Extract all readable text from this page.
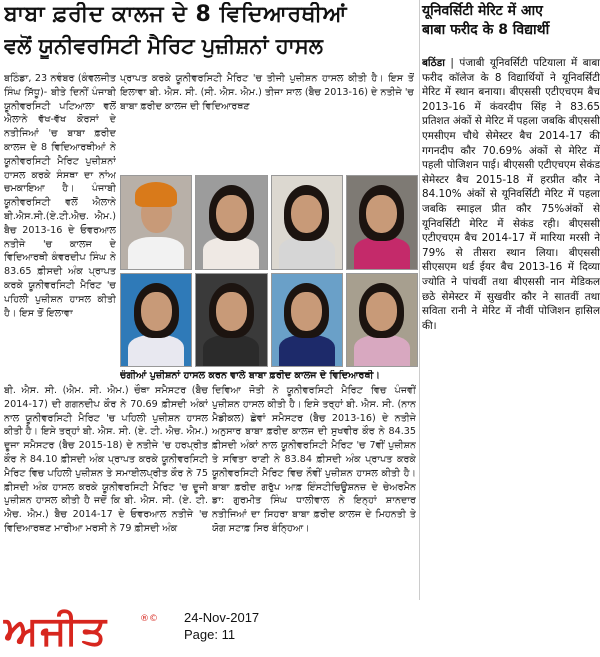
ਬਾਬਾ ਫ਼ਰੀਦ ਕਾਲਜ ਦੇ 8 ਵਿਦਿਆਰਥੀਆਂ
ਵਲੋਂ ਯੂਨੀਵਰਸਿਟੀ ਮੈਰਿਟ ਪੁਜ਼ੀਸ਼ਨਾਂ ਹਾਸਲ
ਬਠਿੰਡਾ, 23 ਨਵੰਬਰ (ਕੰਵਲਜੀਤ ਸਿੰਘ ਸਿੱਧੂ)- ਬੀਤੇ ਦਿਨੀਂ ਪੰਜਾਬੀ ਯੂਨੀਵਰਸਿਟੀ ਪਟਿਆਲਾ ਵਲੋਂ ਐਲਾਨੇ ਵੱਖ-ਵੱਖ ਕੋਰਸਾਂ ਦੇ ਨਤੀਜਿਆਂ 'ਚ ਬਾਬਾ ਫ਼ਰੀਦ ਕਾਲਜ ਦੇ 8 ਵਿਦਿਆਰਥੀਆਂ ਨੇ ਯੂਨੀਵਰਸਿਟੀ ਮੈਰਿਟ ਪੁਜ਼ੀਸ਼ਨਾਂ ਹਾਸਲ ਕਰਕੇ ਸੰਸਥਾ ਦਾ ਨਾਂਅ ਚਮਕਾਇਆ ਹੈ। ਪੰਜਾਬੀ ਯੂਨੀਵਰਸਿਟੀ ਵਲੋਂ ਐਲਾਨੇ ਬੀ.ਐਸ.ਸੀ.(ਏ.ਟੀ.ਐਚ. ਐਮ.) ਬੈਚ 2013-16 ਦੇ ਓਵਰਆਲ ਨਤੀਜੇ 'ਚ ਕਾਲਜ ਦੇ ਵਿਦਿਆਰਥੀ ਕੰਵਰਦੀਪ ਸਿੰਘ ਨੇ 83.65 ਫ਼ੀਸਦੀ ਅੰਕ ਪ੍ਰਾਪਤ ਕਰਕੇ ਯੂਨੀਵਰਸਿਟੀ ਮੈਰਿਟ 'ਚ ਪਹਿਲੀ ਪੁਜ਼ੀਸ਼ਨ ਹਾਸਲ ਕੀਤੀ ਹੈ। ਇਸ ਤੋਂ ਇਲਾਵਾ
ਪ੍ਰਾਪਤ ਕਰਕੇ ਯੂਨੀਵਰਸਿਟੀ ਮੈਰਿਟ 'ਚ ਤੀਜੀ ਪੁਜ਼ੀਸ਼ਨ ਹਾਸਲ ਕੀਤੀ ਹੈ। ਇਸ ਤੋਂ ਇਲਾਵਾ ਬੀ. ਐਸ. ਸੀ. (ਸੀ. ਐਸ. ਐਮ.) ਤੀਜਾ ਸਾਲ (ਬੈਚ 2013-16) ਦੇ ਨਤੀਜੇ 'ਚ ਬਾਬਾ ਫ਼ਰੀਦ ਕਾਲਜ ਦੀ ਵਿਦਿਆਰਥਣ
ਚੰਗੀਆਂ ਪੁਜ਼ੀਸ਼ਨਾਂ ਹਾਸਲ ਕਰਨ ਵਾਲੇ ਬਾਬਾ ਫ਼ਰੀਦ ਕਾਲਜ ਦੇ ਵਿਦਿਆਰਥੀ।
ਬੀ. ਐਸ. ਸੀ. (ਐਮ. ਸੀ. ਐਮ.) ਚੌਥਾ ਸਮੈਸਟਰ (ਬੈਚ 2014-17) ਦੀ ਗਗਨਦੀਪ ਕੌਰ ਨੇ 70.69 ਫ਼ੀਸਦੀ ਅੰਕਾਂ ਨਾਲ ਯੂਨੀਵਰਸਿਟੀ ਮੈਰਿਟ 'ਚ ਪਹਿਲੀ ਪੁਜ਼ੀਸ਼ਨ ਹਾਸਲ ਕੀਤੀ ਹੈ। ਇਸੇ ਤਰ੍ਹਾਂ ਬੀ. ਐਸ. ਸੀ. (ਏ. ਟੀ. ਐਚ. ਐਮ.) ਦੂਜਾ ਸਮੈਸਟਰ (ਬੈਚ 2015-18) ਦੇ ਨਤੀਜੇ 'ਚ ਹਰਪ੍ਰੀਤ ਕੌਰ ਨੇ 84.10 ਫ਼ੀਸਦੀ ਅੰਕ ਪ੍ਰਾਪਤ ਕਰਕੇ ਯੂਨੀਵਰਸਿਟੀ ਮੈਰਿਟ ਵਿਚ ਪਹਿਲੀ ਪੁਜ਼ੀਸ਼ਨ ਤੇ ਸਮਾਈਲਪ੍ਰੀਤ ਕੌਰ ਨੇ 75 ਫ਼ੀਸਦੀ ਅੰਕ ਹਾਸਲ ਕਰਕੇ ਯੂਨੀਵਰਸਿਟੀ ਮੈਰਿਟ 'ਚ ਦੂਜੀ ਪੁਜ਼ੀਸ਼ਨ ਹਾਸਲ ਕੀਤੀ ਹੈ ਜਦੋਂ ਕਿ ਬੀ. ਐਸ. ਸੀ. (ਏ. ਟੀ. ਐਚ. ਐਮ.) ਬੈਚ 2014-17 ਦੇ ਓਵਰਆਲ ਨਤੀਜੇ 'ਚ ਵਿਦਿਆਰਥਣ ਮਾਰੀਆ ਮਰਸੀ ਨੇ 79 ਫ਼ੀਸਦੀ ਅੰਕ
ਦਿਵਿਆ ਜੋਤੀ ਨੇ ਯੂਨੀਵਰਸਿਟੀ ਮੈਰਿਟ ਵਿਚ ਪੰਜਵੀਂ ਪੁਜ਼ੀਸ਼ਨ ਹਾਸਲ ਕੀਤੀ ਹੈ। ਇਸੇ ਤਰ੍ਹਾਂ ਬੀ. ਐਸ. ਸੀ. (ਨਾਨ ਮੈਡੀਕਲ) ਛੇਵਾਂ ਸਮੈਸਟਰ (ਬੈਚ 2013-16) ਦੇ ਨਤੀਜੇ ਅਨੁਸਾਰ ਬਾਬਾ ਫ਼ਰੀਦ ਕਾਲਜ ਦੀ ਸੁਖਵੀਰ ਕੌਰ ਨੇ 84.35 ਫ਼ੀਸਦੀ ਅੰਕਾਂ ਨਾਲ ਯੂਨੀਵਰਸਿਟੀ ਮੈਰਿਟ 'ਚ 7ਵੀਂ ਪੁਜ਼ੀਸ਼ਨ ਤੇ ਸਵਿਤਾ ਰਾਣੀ ਨੇ 83.84 ਫ਼ੀਸਦੀ ਅੰਕ ਪ੍ਰਾਪਤ ਕਰਕੇ ਯੂਨੀਵਰਸਿਟੀ ਮੈਰਿਟ ਵਿਚ ਨੌਵੀਂ ਪੁਜ਼ੀਸ਼ਨ ਹਾਸਲ ਕੀਤੀ ਹੈ। ਬਾਬਾ ਫ਼ਰੀਦ ਗਰੁੱਪ ਆਫ਼ ਇੰਸਟੀਚਿਊਸ਼ਨਜ਼ ਦੇ ਚੇਅਰਮੈਨ ਡਾ: ਗੁਰਮੀਤ ਸਿੰਘ ਧਾਲੀਵਾਲ ਨੇ ਇਨ੍ਹਾਂ ਸ਼ਾਨਦਾਰ ਨਤੀਜਿਆਂ ਦਾ ਸਿਹਰਾ ਬਾਬਾ ਫ਼ਰੀਦ ਕਾਲਜ ਦੇ ਮਿਹਨਤੀ ਤੇ ਯੋਗ ਸਟਾਫ਼ ਸਿਰ ਬੰਨ੍ਹਿਆ।
यूनिवर्सिटी मेरिट में आए
बाबा फरीद के 8 विद्यार्थी
बठिंडा | पंजाबी यूनिवर्सिटी पटियाला में बाबा फरीद कॉलेज के 8 विद्यार्थियों ने यूनिवर्सिटी मेरिट में स्थान बनाया। बीएससी एटीएचएम बैच 2013-16 में कंवरदीप सिंह ने 83.65 प्रतिशत अंकों से मेरिट में पहला जबकि बीएससी एमसीएम चौथे सेमेस्टर बैच 2014-17 की गगनदीप कौर 70.69% अंकों से मेरिट में पहली पोजिशन पाई। बीएससी एटीएचएम सेकंड सेमेस्टर बैच 2015-18 में हरप्रीत कौर ने 84.10% अंकों से यूनिवर्सिटी मेरिट में पहला जबकि स्माइल प्रीत कौर 75%अंकों से यूनिवर्सिटी मेरिट में सेकंड रही। बीएससी एटीएचएम बैच 2014-17 में मारिया मरसी ने 79% से तीसरा स्थान लिया। बीएससी सीएसएम थर्ड ईयर बैच 2013-16 में दिव्या ज्योति ने पांचवीं तथा बीएससी नान मेडिकल छठे सेमेस्टर में सुखवीर कौर ने सातवीं तथा सविता रानी ने मेरिट में नौवीं पोजिशन हासिल की।
ਅਜੀਤ	®© 24-Nov-2017
Page: 11
